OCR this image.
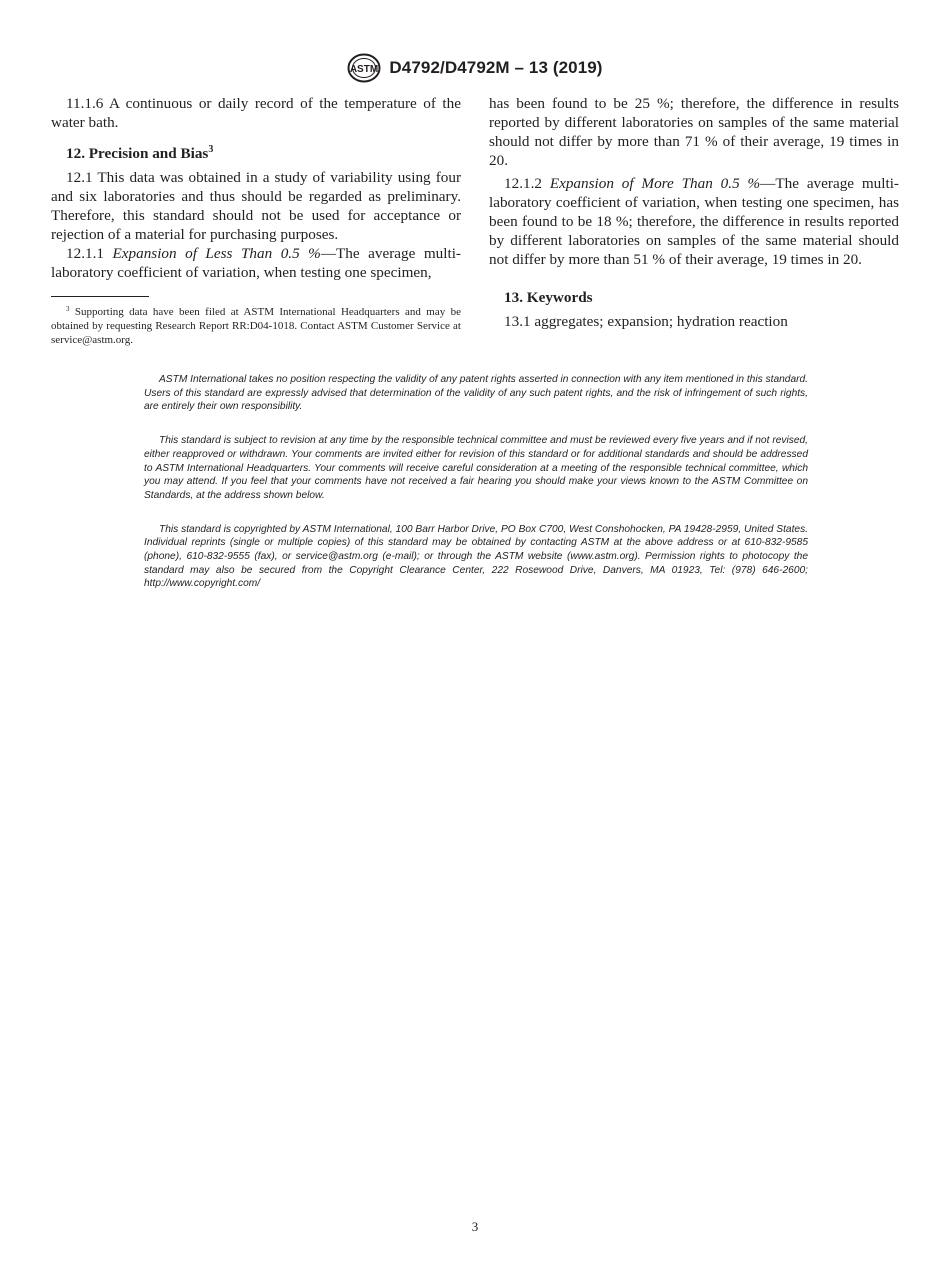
ASTM D4792/D4792M – 13 (2019)

11.1.6 A continuous or daily record of the temperature of the water bath.

12. Precision and Bias$^3$

12.1 This data was obtained in a study of variability using four and six laboratories and thus should be regarded as preliminary. Therefore, this standard should not be used for acceptance or rejection of a material for purchasing purposes.

12.1.1 Expansion of Less Than 0.5 %—The average multi-laboratory coefficient of variation, when testing one specimen,

has been found to be 25 %; therefore, the difference in results reported by different laboratories on samples of the same material should not differ by more than 71 % of their average, 19 times in 20.

12.1.2 Expansion of More Than 0.5 %—The average multi-laboratory coefficient of variation, when testing one specimen, has been found to be 18 %; therefore, the difference in results reported by different laboratories on samples of the same material should not differ by more than 51 % of their average, 19 times in 20.

13. Keywords

13.1 aggregates; expansion; hydration reaction

$^3$ Supporting data have been filed at ASTM International Headquarters and may be obtained by requesting Research Report RR:D04-1018. Contact ASTM Customer Service at service@astm.org.

ASTM International takes no position respecting the validity of any patent rights asserted in connection with any item mentioned in this standard. Users of this standard are expressly advised that determination of the validity of any such patent rights, and the risk of infringement of such rights, are entirely their own responsibility.

This standard is subject to revision at any time by the responsible technical committee and must be reviewed every five years and if not revised, either reapproved or withdrawn. Your comments are invited either for revision of this standard or for additional standards and should be addressed to ASTM International Headquarters. Your comments will receive careful consideration at a meeting of the responsible technical committee, which you may attend. If you feel that your comments have not received a fair hearing you should make your views known to the ASTM Committee on Standards, at the address shown below.

This standard is copyrighted by ASTM International, 100 Barr Harbor Drive, PO Box C700, West Conshohocken, PA 19428-2959, United States. Individual reprints (single or multiple copies) of this standard may be obtained by contacting ASTM at the above address or at 610-832-9585 (phone), 610-832-9555 (fax), or service@astm.org (e-mail); or through the ASTM website (www.astm.org). Permission rights to photocopy the standard may also be secured from the Copyright Clearance Center, 222 Rosewood Drive, Danvers, MA 01923, Tel: (978) 646-2600; http://www.copyright.com/

3
